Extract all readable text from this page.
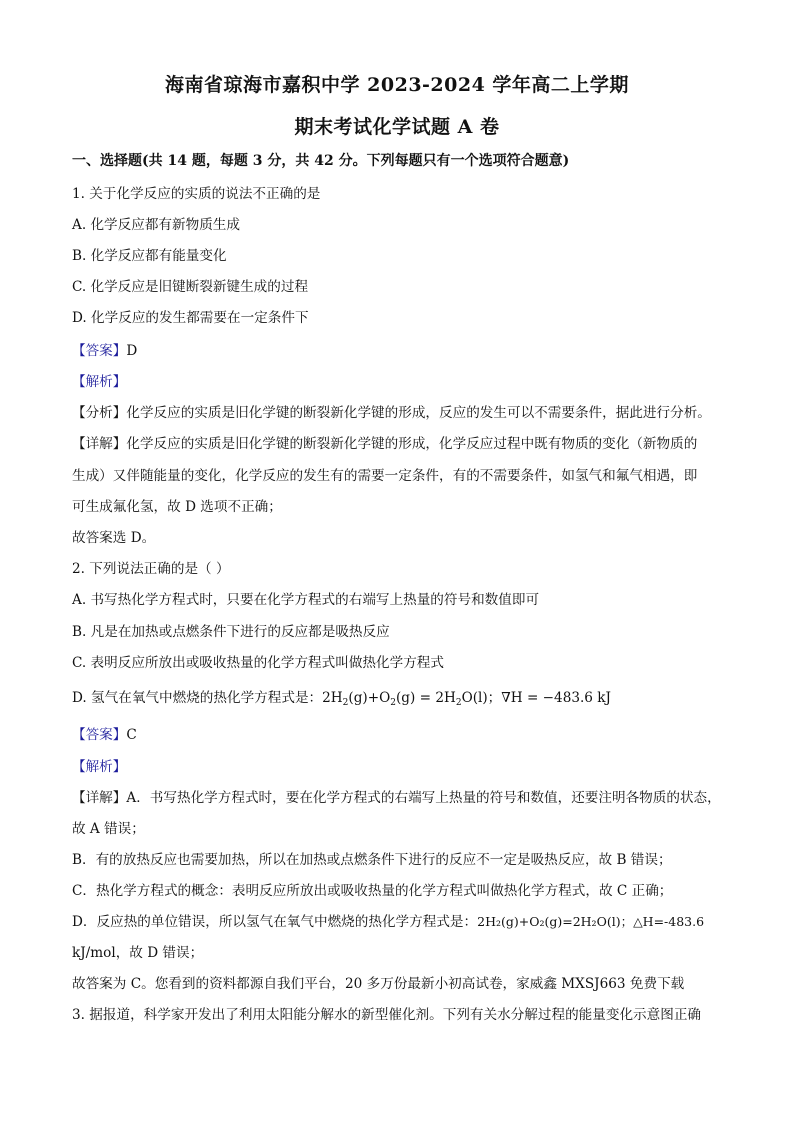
海南省琼海市嘉积中学 2023-2024 学年高二上学期
期末考试化学试题 A 卷
一、选择题(共 14 题，每题 3 分，共 42 分。下列每题只有一个选项符合题意)
1. 关于化学反应的实质的说法不正确的是
A. 化学反应都有新物质生成
B. 化学反应都有能量变化
C. 化学反应是旧键断裂新键生成的过程
D. 化学反应的发生都需要在一定条件下
【答案】D
【解析】
【分析】化学反应的实质是旧化学键的断裂新化学键的形成，反应的发生可以不需要条件，据此进行分析。
【详解】化学反应的实质是旧化学键的断裂新化学键的形成，化学反应过程中既有物质的变化（新物质的
生成）又伴随能量的变化，化学反应的发生有的需要一定条件，有的不需要条件，如氢气和氟气相遇，即
可生成氟化氢，故 D 选项不正确；
故答案选 D。
2. 下列说法正确的是（ ）
A. 书写热化学方程式时，只要在化学方程式的右端写上热量的符号和数值即可
B. 凡是在加热或点燃条件下进行的反应都是吸热反应
C. 表明反应所放出或吸收热量的化学方程式叫做热化学方程式
D. 氢气在氧气中燃烧的热化学方程式是：$2H_2(g)+O_2(g) = 2H_2O(l)$；∇H = −483.6 kJ
【答案】C
【解析】
【详解】A．书写热化学方程式时，要在化学方程式的右端写上热量的符号和数值，还要注明各物质的状态，
故 A 错误；
B．有的放热反应也需要加热，所以在加热或点燃条件下进行的反应不一定是吸热反应，故 B 错误；
C．热化学方程式的概念：表明反应所放出或吸收热量的化学方程式叫做热化学方程式，故 C 正确；
D．反应热的单位错误，所以氢气在氧气中燃烧的热化学方程式是：2H₂(g)+O₂(g)=2H₂O(l)；△H=-483.6
kJ/mol，故 D 错误；
故答案为 C。您看到的资料都源自我们平台，20 多万份最新小初高试卷，家威鑫 MXSJ663 免费下载
3. 据报道，科学家开发出了利用太阳能分解水的新型催化剂。下列有关水分解过程的能量变化示意图正确
